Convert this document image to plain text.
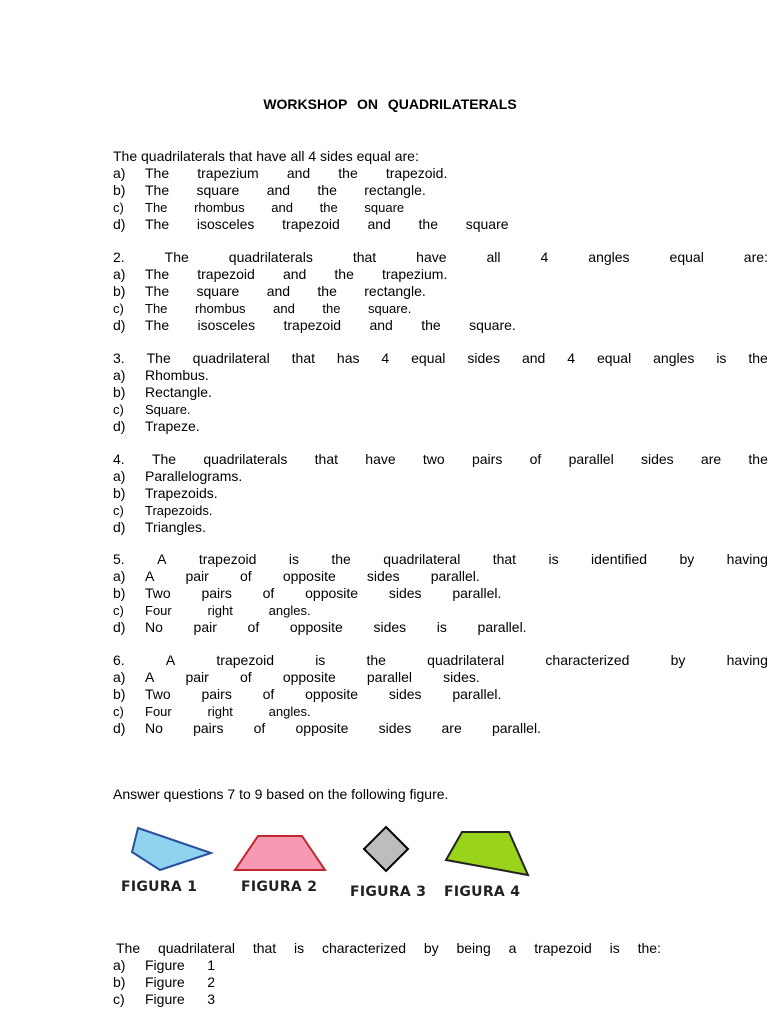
WORKSHOP ON QUADRILATERALS
The quadrilaterals that have all 4 sides equal are:
a)	The trapezium and the trapezoid.
b)	The square and the rectangle.
c)	The rhombus and the square
d)	The isosceles trapezoid and the square
2.	The	quadrilaterals	that	have	all	4	angles	equal	are:
a)	The trapezoid and the trapezium.
b)	The square and the rectangle.
c)	The rhombus and the square.
d)	The isosceles trapezoid and the square.
3. The quadrilateral that has 4 equal sides and 4 equal angles is the
a)	Rhombus.
b)	Rectangle.
c)	Square.
d)	Trapeze.
4. The quadrilaterals that have two pairs of parallel sides are the
a)	Parallelograms.
b)	Trapezoids.
c)	Trapezoids.
d)	Triangles.
5. A trapezoid is the quadrilateral that is identified by having
a)	A pair of opposite sides parallel.
b)	Two pairs of opposite sides parallel.
c)	Four	right	angles.
d)	No pair of opposite sides is parallel.
6.	A	trapezoid	is	the	quadrilateral	characterized	by	having
a)	A pair of opposite parallel sides.
b)	Two pairs of opposite sides parallel.
c)	Four	right	angles.
d)	No pairs of opposite sides are parallel.
Answer questions 7 to 9 based on the following figure.
FIGURA 1	FIGURA 2 FIGURA 3 FIGURA 4
The quadrilateral that is characterized by being a trapezoid is the:
a)	Figure 1
b)	Figure 2
c)	Figure 3
